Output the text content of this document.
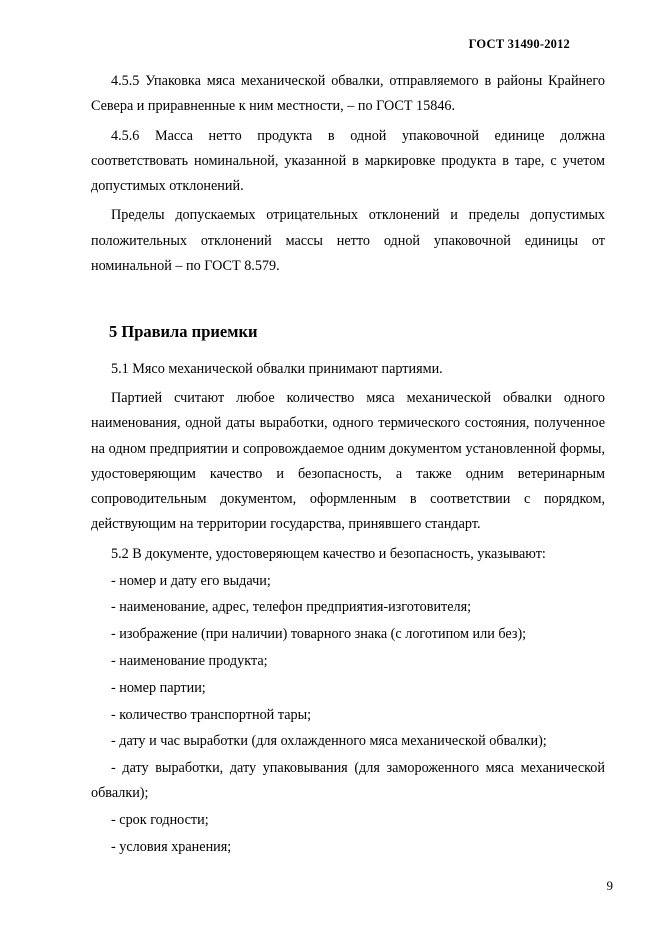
ГОСТ 31490-2012

4.5.5 Упаковка мяса механической обвалки, отправляемого в районы Крайнего Севера и приравненные к ним местности, – по ГОСТ 15846.

4.5.6 Масса нетто продукта в одной упаковочной единице должна соответствовать номинальной, указанной в маркировке продукта в таре, с учетом допустимых отклонений.

Пределы допускаемых отрицательных отклонений и пределы допустимых положительных отклонений массы нетто одной упаковочной единицы от номинальной – по ГОСТ 8.579.

5 Правила приемки

5.1 Мясо механической обвалки принимают партиями.

Партией считают любое количество мяса механической обвалки одного наименования, одной даты выработки, одного термического состояния, полученное на одном предприятии и сопровождаемое одним документом установленной формы, удостоверяющим качество и безопасность, а также одним ветеринарным сопроводительным документом, оформленным в соответствии с порядком, действующим на территории государства, принявшего стандарт.

5.2 В документе, удостоверяющем качество и безопасность, указывают:

- номер и дату его выдачи;

- наименование, адрес, телефон предприятия-изготовителя;

- изображение (при наличии) товарного знака (с логотипом или без);

- наименование продукта;

- номер партии;

- количество транспортной тары;

- дату и час выработки (для охлажденного мяса механической обвалки);

- дату выработки, дату упаковывания (для замороженного мяса механической обвалки);

- срок годности;

- условия хранения;

9
